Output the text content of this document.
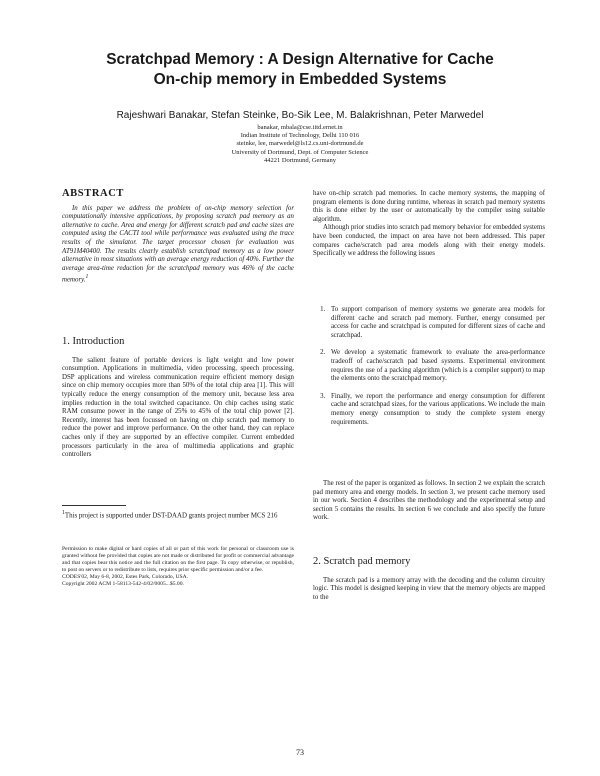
Scratchpad Memory : A Design Alternative for Cache
On-chip memory in Embedded Systems
Rajeshwari Banakar, Stefan Steinke, Bo-Sik Lee, M. Balakrishnan, Peter Marwedel
banakar, mbala@cse.iitd.ernet.in
Indian Institute of Technology, Delhi 110 016
steinke, lee, marwedel@ls12.cs.uni-dortmund.de
University of Dortmund, Dept. of Computer Science
44221 Dortmund, Germany
ABSTRACT

In this paper we address the problem of on-chip memory selection for computationally intensive applications, by proposing scratch pad memory as an alternative to cache. Area and energy for different scratch pad and cache sizes are computed using the CACTI tool while performance was evaluated using the trace results of the simulator. The target processor chosen for evaluation was AT91M40400. The results clearly establish scratchpad memory as a low power alternative in most situations with an average energy reduction of 40%. Further the average area-time reduction for the scratchpad memory was 46% of the cache memory.$^1$

1. Introduction

The salient feature of portable devices is light weight and low power consumption. Applications in multimedia, video processing, speech processing, DSP applications and wireless communication require efficient memory design since on chip memory occupies more than 50% of the total chip area [1]. This will typically reduce the energy consumption of the memory unit, because less area implies reduction in the total switched capacitance. On chip caches using static RAM consume power in the range of 25% to 45% of the total chip power [2]. Recently, interest has been focussed on having on chip scratch pad memory to reduce the power and improve performance. On the other hand, they can replace caches only if they are supported by an effective compiler. Current embedded processors particularly in the area of multimedia applications and graphic controllers

$^1$This project is supported under DST-DAAD grants project number MCS 216

Permission to make digital or hard copies of all or part of this work for personal or classroom use is granted without fee provided that copies are not made or distributed for profit or commercial advantage and that copies bear this notice and the full citation on the first page. To copy otherwise, or republish, to post on servers or to redistribute to lists, requires prior specific permission and/or a fee.

CODES'02, May 6-8, 2002, Estes Park, Colorado, USA.

Copyright 2002 ACM 1-58113-542-4/02/0005...$5.00.

have on-chip scratch pad memories. In cache memory systems, the mapping of program elements is done during runtime, whereas in scratch pad memory systems this is done either by the user or automatically by the compiler using suitable algorithm.

Although prior studies into scratch pad memory behavior for embedded systems have been conducted, the impact on area have not been addressed. This paper compares cache/scratch pad area models along with their energy models. Specifically we address the following issues

1. To support comparison of memory systems we generate area models for different cache and scratch pad memory. Further, energy consumed per access for cache and scratchpad is computed for different sizes of cache and scratchpad.
2. We develop a systematic framework to evaluate the area-performance tradeoff of cache/scratch pad based systems. Experimental environment requires the use of a packing algorithm (which is a compiler support) to map the elements onto the scratchpad memory.
3. Finally, we report the performance and energy consumption for different cache and scratchpad sizes, for the various applications. We include the main memory energy consumption to study the complete system energy requirements.

The rest of the paper is organized as follows. In section 2 we explain the scratch pad memory area and energy models. In section 3, we present cache memory used in our work. Section 4 describes the methodology and the experimental setup and section 5 contains the results. In section 6 we conclude and also specify the future work.

2. Scratch pad memory

The scratch pad is a memory array with the decoding and the column circuitry logic. This model is designed keeping in view that the memory objects are mapped to the

73
